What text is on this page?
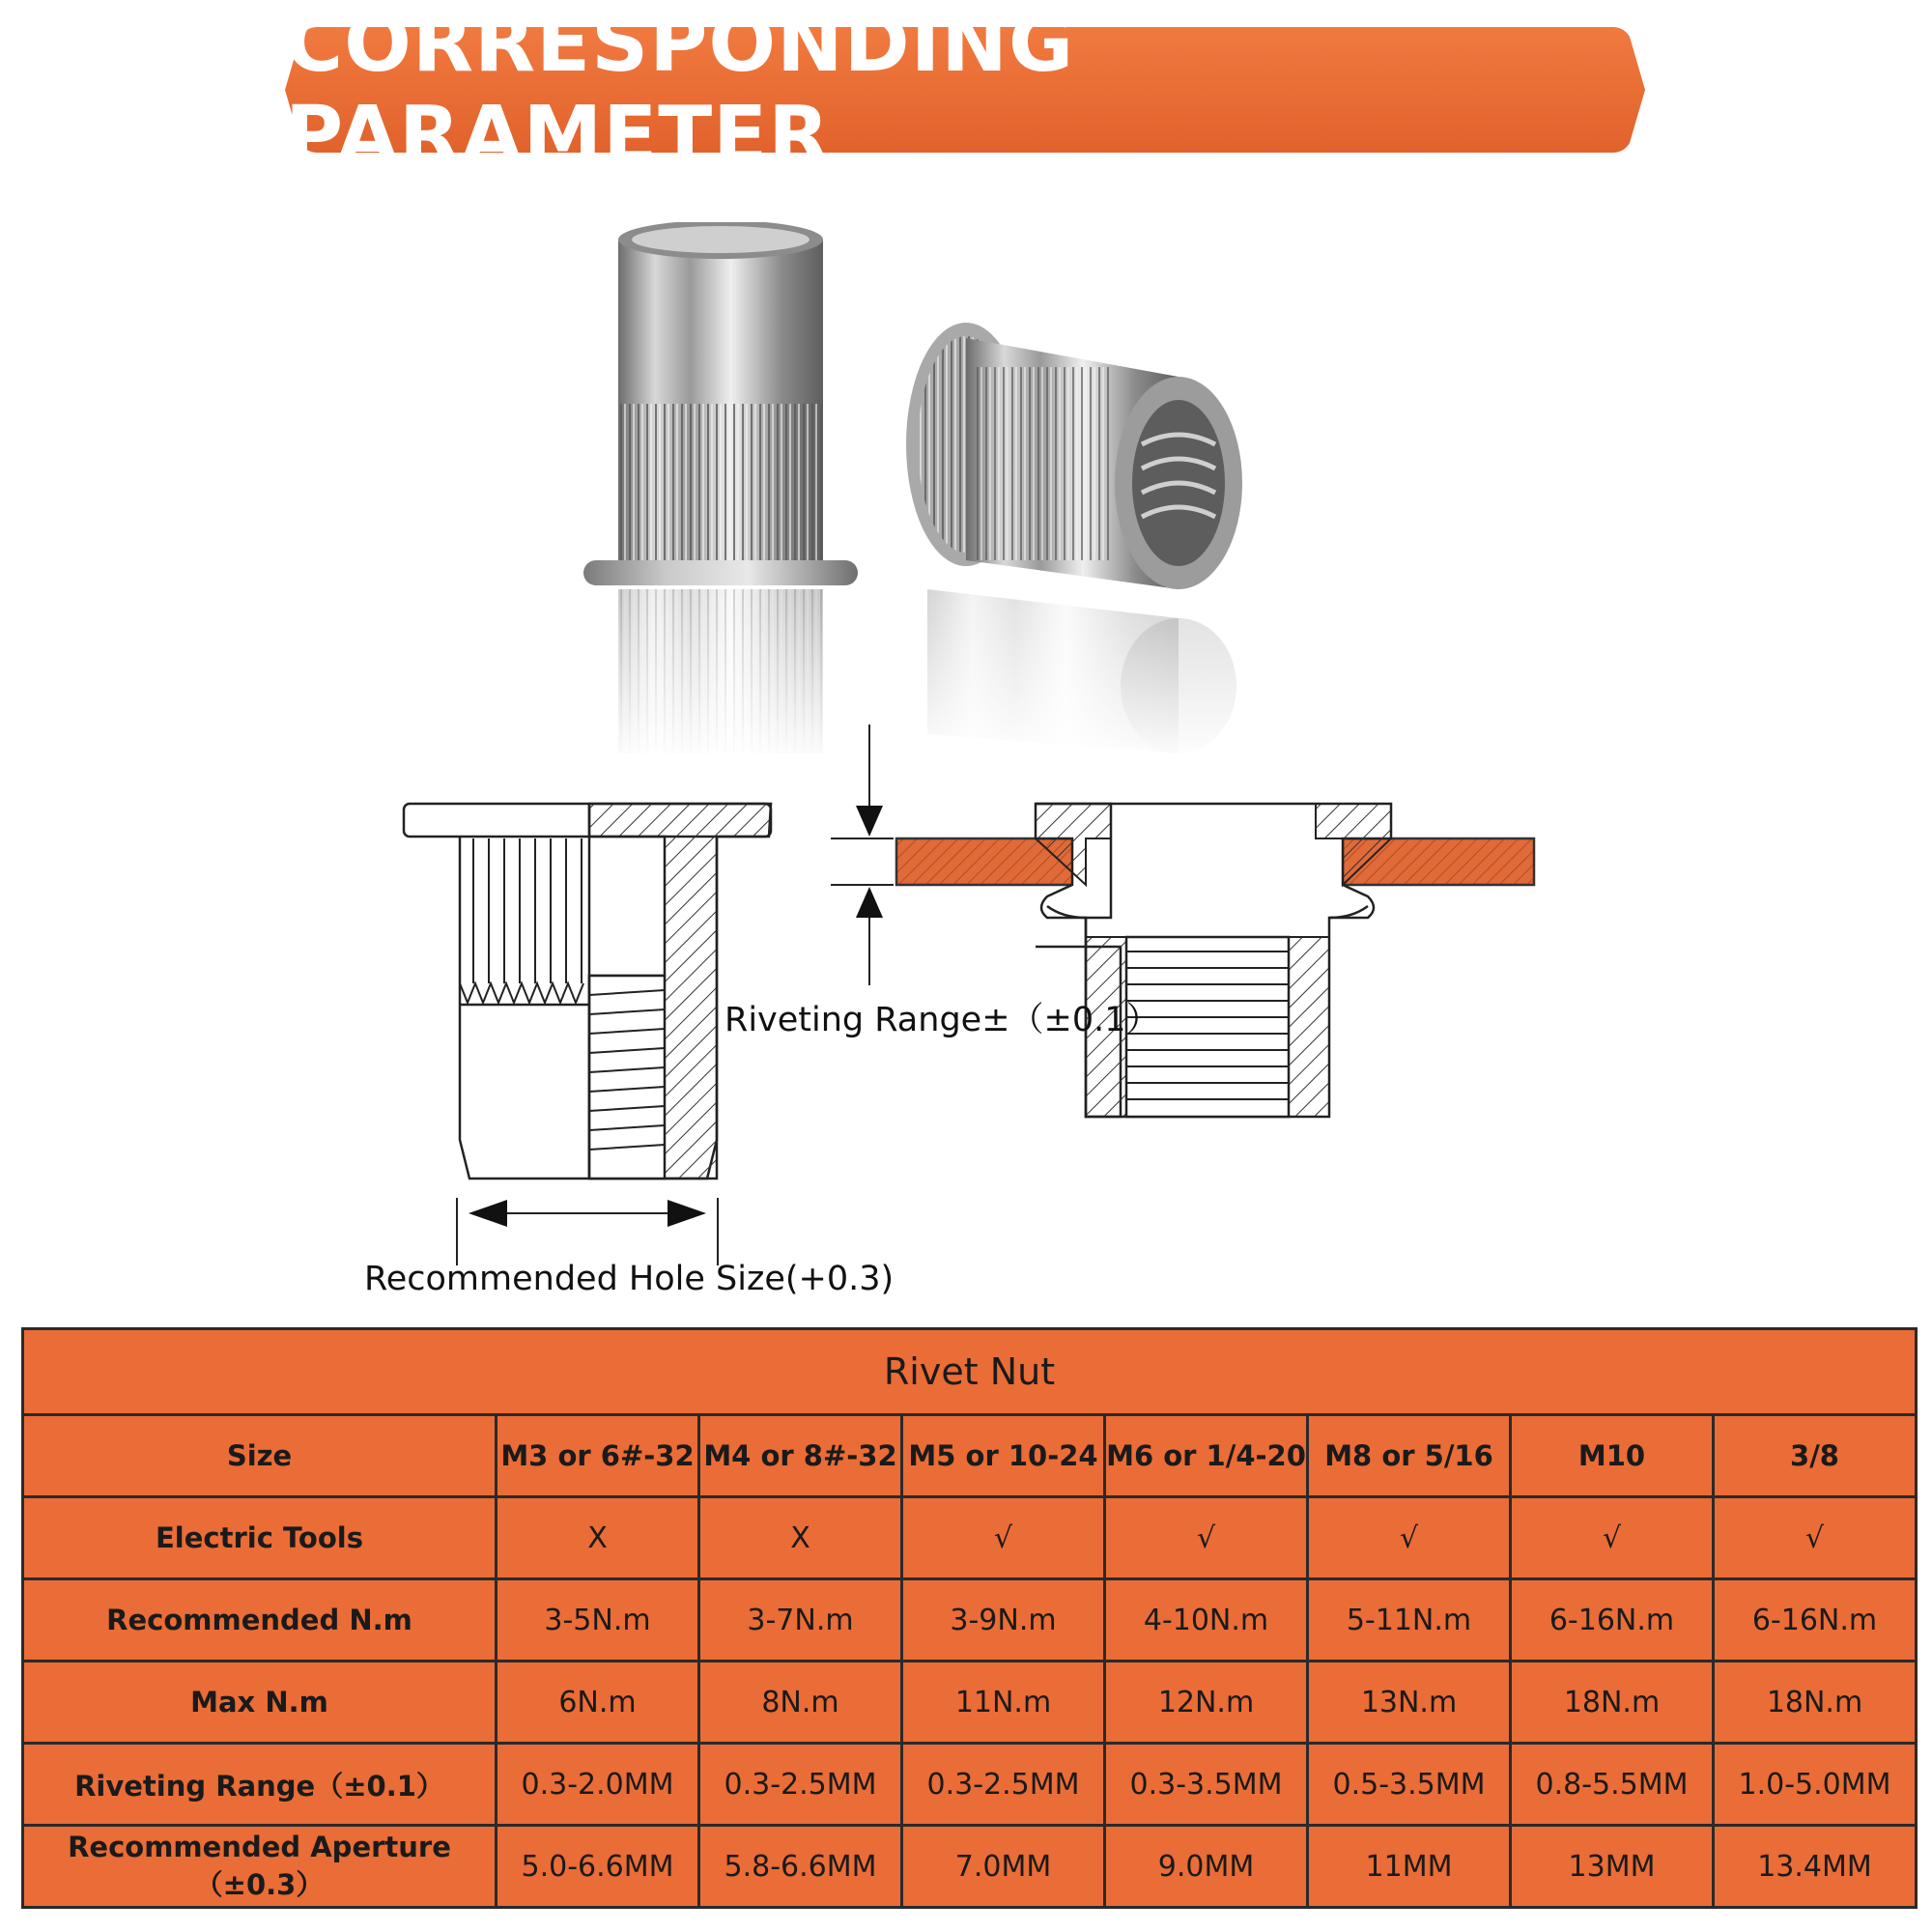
CORRESPONDING PARAMETER
Riveting Range±（±0.1）
Recommended Hole Size(+0.3)
Rivet Nut							
Size	M3 or 6#-32	M4 or 8#-32	M5 or 10-24	M6 or 1/4-20	M8 or 5/16	M10	3/8
Electric Tools	X	X	√	√	√	√	√
Recommended N.m	3-5N.m	3-7N.m	3-9N.m	4-10N.m	5-11N.m	6-16N.m	6-16N.m
Max N.m	6N.m	8N.m	11N.m	12N.m	13N.m	18N.m	18N.m
Riveting Range（±0.1）	0.3-2.0MM	0.3-2.5MM	0.3-2.5MM	0.3-3.5MM	0.5-3.5MM	0.8-5.5MM	1.0-5.0MM
Recommended Aperture（±0.3）	5.0-6.6MM	5.8-6.6MM	7.0MM	9.0MM	11MM	13MM	13.4MM
